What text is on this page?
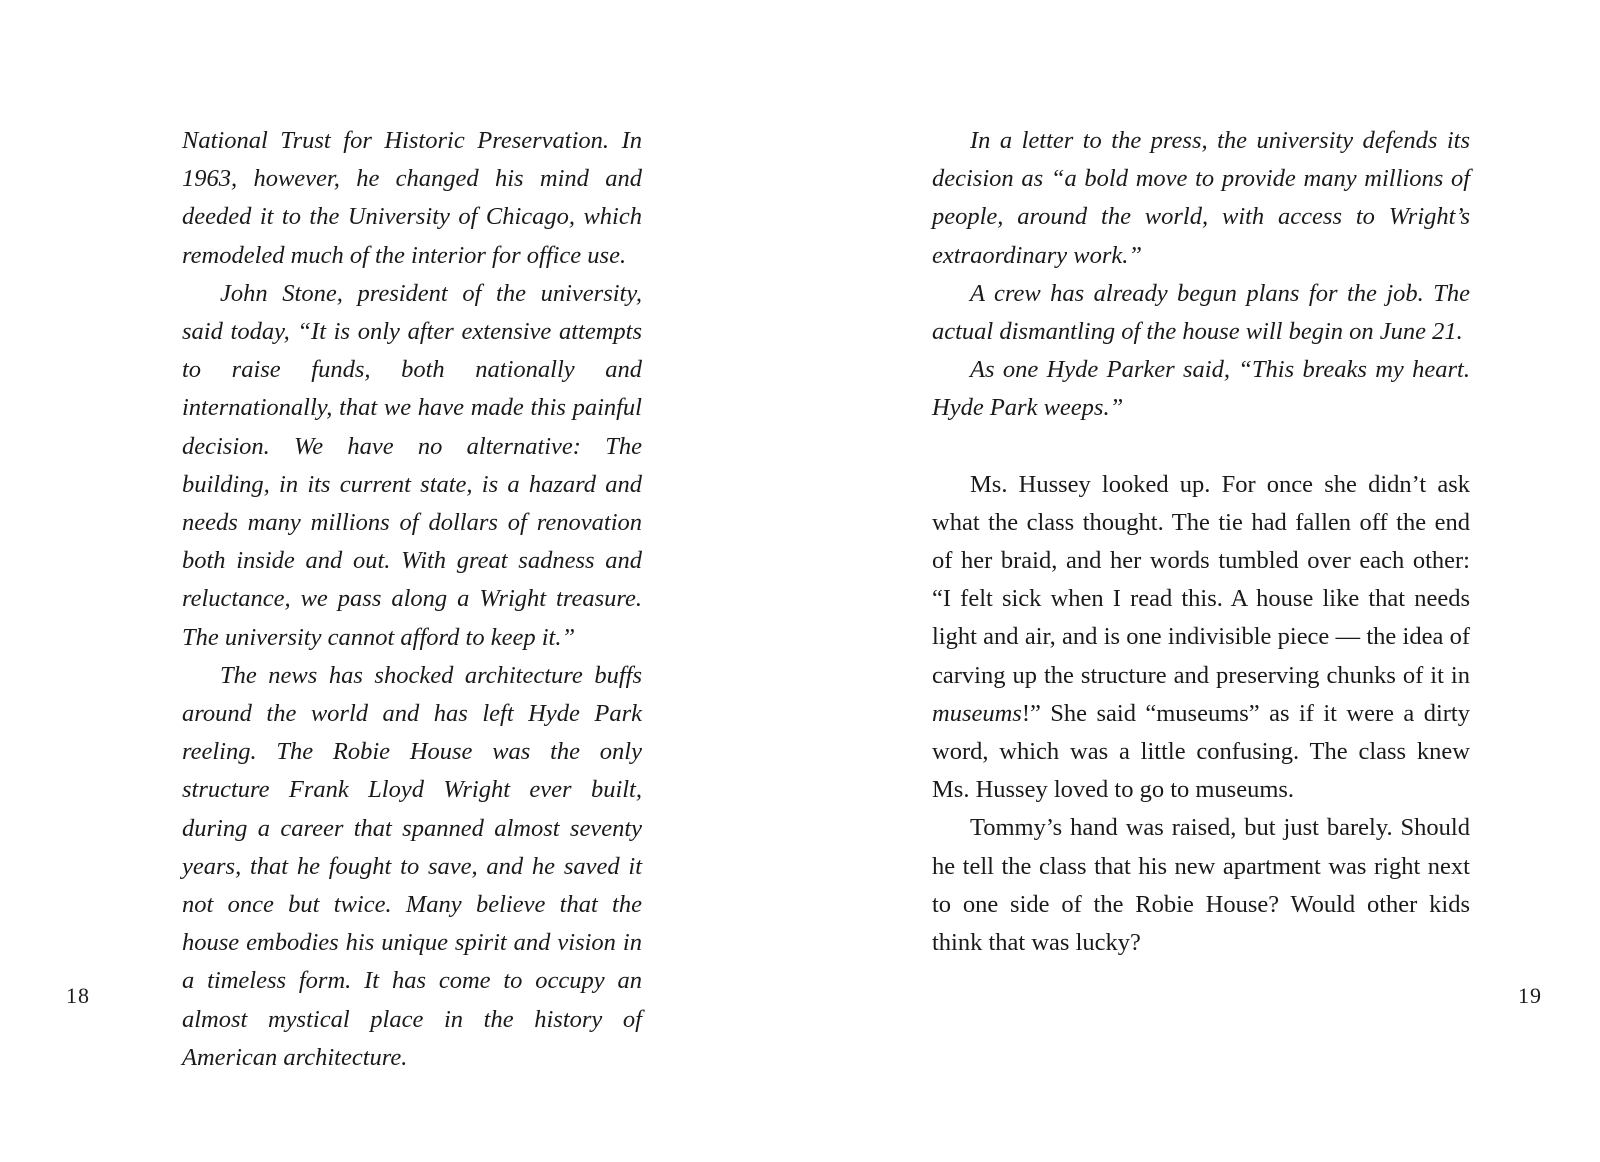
National Trust for Historic Preservation. In 1963, however, he changed his mind and deeded it to the University of Chicago, which remodeled much of the interior for office use.

John Stone, president of the university, said today, “It is only after extensive attempts to raise funds, both nationally and internationally, that we have made this painful decision. We have no alternative: The building, in its current state, is a hazard and needs many millions of dollars of renovation both inside and out. With great sadness and reluctance, we pass along a Wright treasure. The university cannot afford to keep it.”

The news has shocked architecture buffs around the world and has left Hyde Park reeling. The Robie House was the only structure Frank Lloyd Wright ever built, during a career that spanned almost seventy years, that he fought to save, and he saved it not once but twice. Many believe that the house embodies his unique spirit and vision in a timeless form. It has come to occupy an almost mystical place in the history of American architecture.

18

In a letter to the press, the university defends its decision as “a bold move to provide many millions of people, around the world, with access to Wright’s extraordinary work.”

A crew has already begun plans for the job. The actual dismantling of the house will begin on June 21.

As one Hyde Parker said, “This breaks my heart. Hyde Park weeps.”

Ms. Hussey looked up. For once she didn’t ask what the class thought. The tie had fallen off the end of her braid, and her words tumbled over each other: “I felt sick when I read this. A house like that needs light and air, and is one indivisible piece — the idea of carving up the structure and preserving chunks of it in museums!” She said “museums” as if it were a dirty word, which was a little confusing. The class knew Ms. Hussey loved to go to museums.

Tommy’s hand was raised, but just barely. Should he tell the class that his new apartment was right next to one side of the Robie House? Would other kids think that was lucky?

19
